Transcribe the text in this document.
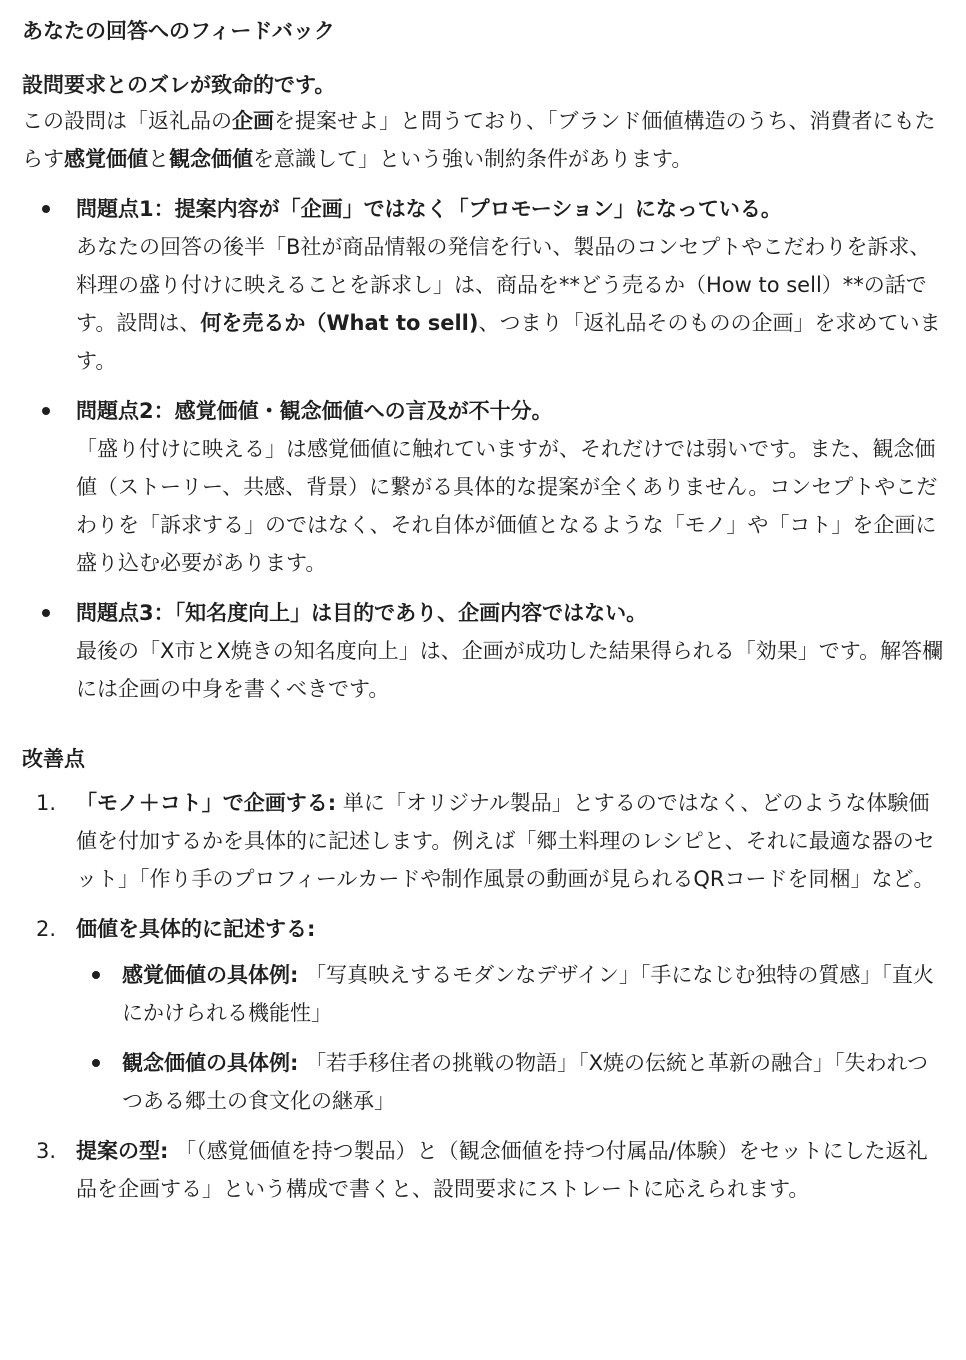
あなたの回答へのフィードバック
設問要求とのズレが致命的です。

この設問は「返礼品の企画を提案せよ」と問うており、「ブランド価値構造のうち、消費者にもたらす感覚価値と観念価値を意識して」という強い制約条件があります。

問題点1：提案内容が「企画」ではなく「プロモーション」になっている。
あなたの回答の後半「B社が商品情報の発信を行い、製品のコンセプトやこだわりを訴求、料理の盛り付けに映えることを訴求し」は、商品を**どう売るか（How to sell）**の話です。設問は、何を売るか（What to sell)、つまり「返礼品そのものの企画」を求めています。
問題点2：感覚価値・観念価値への言及が不十分。
「盛り付けに映える」は感覚価値に触れていますが、それだけでは弱いです。また、観念価値（ストーリー、共感、背景）に繋がる具体的な提案が全くありません。コンセプトやこだわりを「訴求する」のではなく、それ自体が価値となるような「モノ」や「コト」を企画に盛り込む必要があります。
問題点3：「知名度向上」は目的であり、企画内容ではない。
最後の「X市とX焼きの知名度向上」は、企画が成功した結果得られる「効果」です。解答欄には企画の中身を書くべきです。
改善点
1. 「モノ＋コト」で企画する: 単に「オリジナル製品」とするのではなく、どのような体験価値を付加するかを具体的に記述します。例えば「郷土料理のレシピと、それに最適な器のセット」「作り手のプロフィールカードや制作風景の動画が見られるQRコードを同梱」など。
2. 価値を具体的に記述する:
感覚価値の具体例: 「写真映えするモダンなデザイン」「手になじむ独特の質感」「直火にかけられる機能性」
観念価値の具体例: 「若手移住者の挑戦の物語」「X焼の伝統と革新の融合」「失われつつある郷土の食文化の継承」
3. 提案の型: 「（感覚価値を持つ製品）と（観念価値を持つ付属品/体験）をセットにした返礼品を企画する」という構成で書くと、設問要求にストレートに応えられます。
